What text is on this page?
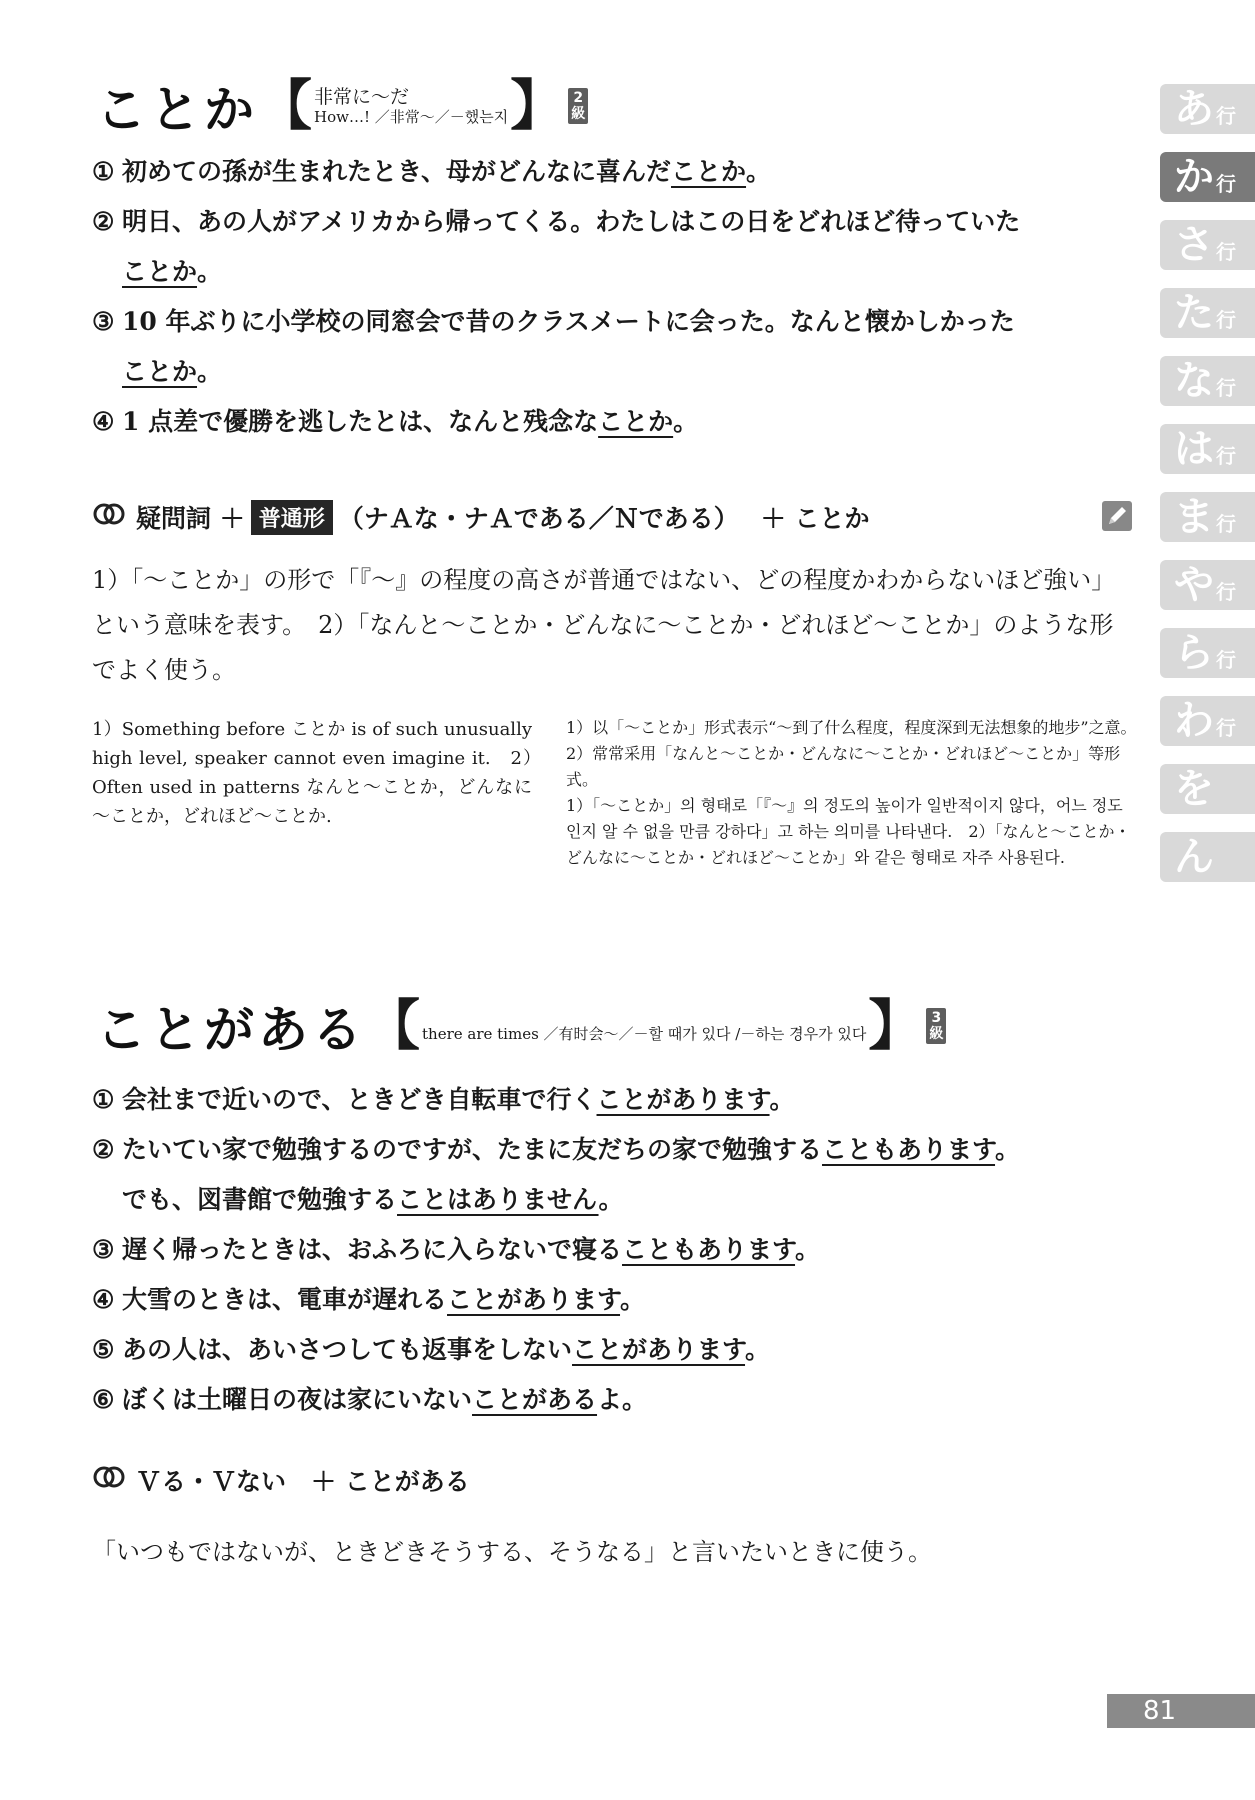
あ 行
か 行
さ 行
た 行
な 行
は 行
ま 行
や 行
ら 行
わ 行
を
ん
ことか 【 非常に～だ
How…! ／非常～／－했는지 】 2級
① 初めての孫が生まれたとき、母がどんなに喜んだことか。
② 明日、あの人がアメリカから帰ってくる。わたしはこの日をどれほど待っていた
ことか。
③ 10 年ぶりに小学校の同窓会で昔のクラスメートに会った。なんと懐かしかった
ことか。
④ 1 点差で優勝を逃したとは、なんと残念なことか。
疑問詞 ＋ 普通形 （ナＡな・ナＡである／Ｎである） ＋ ことか

1）「～ことか」の形で「『～』の程度の高さが普通ではない、どの程度かわからないほど強い」という意味を表す。　2）「なんと～ことか・どんなに～ことか・どれほど～ことか」のような形でよく使う。

1）Something before ことか is of such unusually high level, speaker cannot even imagine it.　2）Often used in patterns なんと～ことか，どんなに～ことか，どれほど～ことか.

1）以「～ことか」形式表示“～到了什么程度，程度深到无法想象的地步”之意。　2）常常采用「なんと～ことか・どんなに～ことか・どれほど～ことか」等形式。

1）「～ことか」의 형태로「『～』의 정도의 높이가 일반적이지 않다，어느 정도인지 알 수 없을 만큼 강하다」고 하는 의미를 나타낸다.　2）「なんと～ことか・どんなに～ことか・どれほど～ことか」와 같은 형태로 자주 사용된다.

ことがある 【 there are times ／有时会～／－할 때가 있다 /－하는 경우가 있다 】 3級
① 会社まで近いので、ときどき自転車で行くことがあります。
② たいてい家で勉強するのですが、たまに友だちの家で勉強することもあります。
でも、図書館で勉強することはありません。
③ 遅く帰ったときは、おふろに入らないで寝ることもあります。
④ 大雪のときは、電車が遅れることがあります。
⑤ あの人は、あいさつしても返事をしないことがあります。
⑥ ぼくは土曜日の夜は家にいないことがあるよ。
Ｖる・Ｖない　＋ ことがある

「いつもではないが、ときどきそうする、そうなる」と言いたいときに使う。

81
